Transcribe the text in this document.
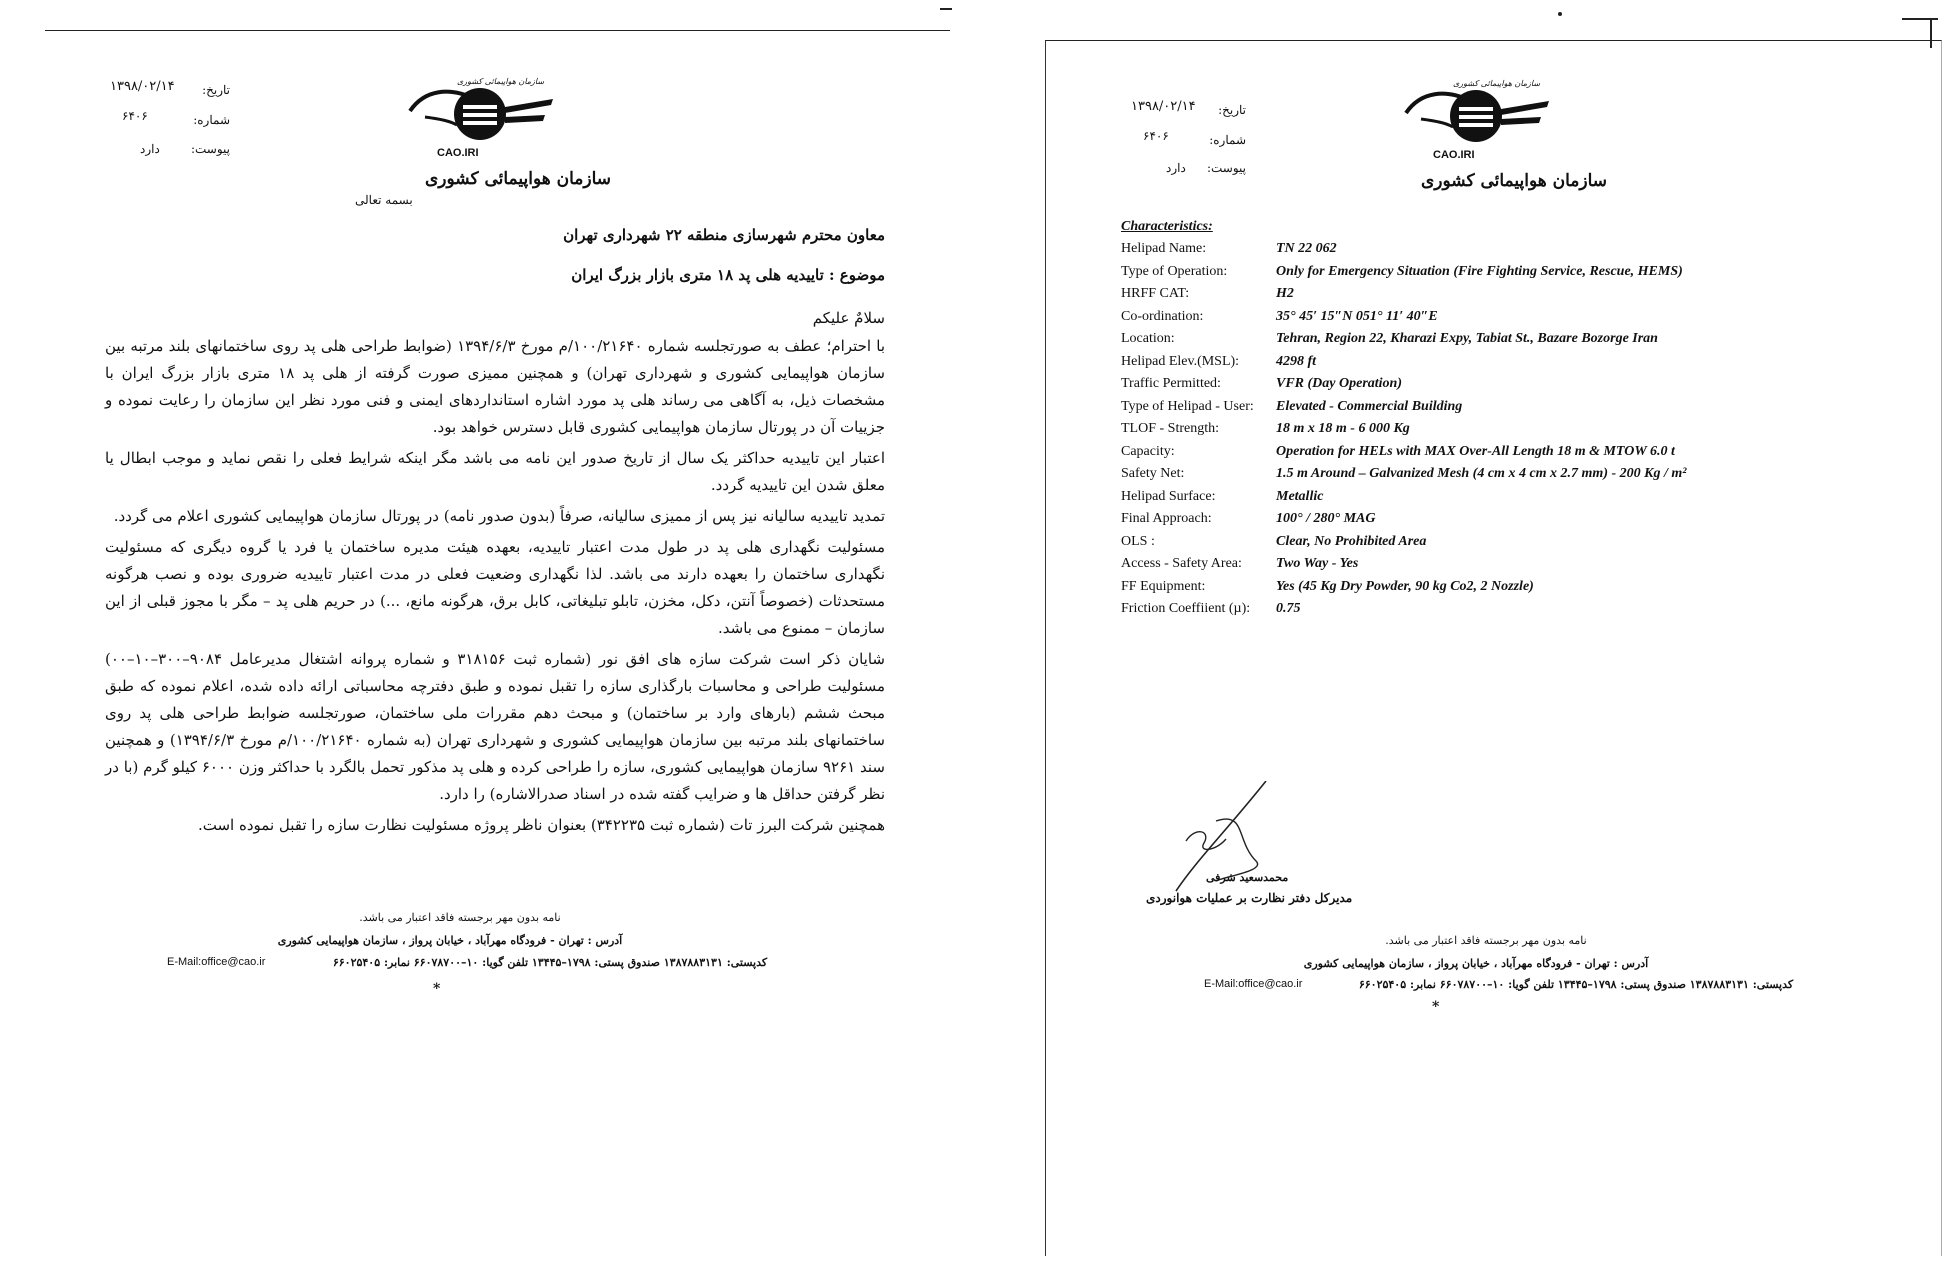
سازمان هواپیمائی کشوری
CAO.IRI
سازمان هواپیمائی کشوری
تاریخ:
۱۳۹۸/۰۲/۱۴
شماره:
۶۴۰۶
پیوست:
دارد
بسمه تعالی
معاون محترم شهرسازی منطقه ۲۲ شهرداری تهران
موضوع : تاییدیه هلی پد ۱۸ متری بازار بزرگ ایران
سلامٌ علیکم

با احترام؛ عطف به صورتجلسه شماره ۱۰۰/۲۱۶۴۰/م مورخ ۱۳۹۴/۶/۳ (ضوابط طراحی هلی پد روی ساختمانهای بلند مرتبه بین سازمان هواپیمایی کشوری و شهرداری تهران) و همچنین ممیزی صورت گرفته از هلی پد ۱۸ متری بازار بزرگ ایران با مشخصات ذیل، به آگاهی می رساند هلی پد مورد اشاره استانداردهای ایمنی و فنی مورد نظر این سازمان را رعایت نموده و جزییات آن در پورتال سازمان هواپیمایی کشوری قابل دسترس خواهد بود.

اعتبار این تاییدیه حداکثر یک سال از تاریخ صدور این نامه می باشد مگر اینکه شرایط فعلی را نقص نماید و موجب ابطال یا معلق شدن این تاییدیه گردد.

تمدید تاییدیه سالیانه نیز پس از ممیزی سالیانه، صرفاً (بدون صدور نامه) در پورتال سازمان هواپیمایی کشوری اعلام می گردد.

مسئولیت نگهداری هلی پد در طول مدت اعتبار تاییدیه، بعهده هیئت مدیره ساختمان یا فرد یا گروه دیگری که مسئولیت نگهداری ساختمان را بعهده دارند می باشد. لذا نگهداری وضعیت فعلی در مدت اعتبار تاییدیه ضروری بوده و نصب هرگونه مستحدثات (خصوصاً آنتن، دکل، مخزن، تابلو تبلیغاتی، کابل برق، هرگونه مانع، ...) در حریم هلی پد – مگر با مجوز قبلی از این سازمان – ممنوع می باشد.

شایان ذکر است شرکت سازه های افق نور (شماره ثبت ۳۱۸۱۵۶ و شماره پروانه اشتغال مدیرعامل ۹۰۸۴–۳۰۰–۱۰–۰۰) مسئولیت طراحی و محاسبات بارگذاری سازه را تقبل نموده و طبق دفترچه محاسباتی ارائه داده شده، اعلام نموده که طبق مبحث ششم (بارهای وارد بر ساختمان) و مبحث دهم مقررات ملی ساختمان، صورتجلسه ضوابط طراحی هلی پد روی ساختمانهای بلند مرتبه بین سازمان هواپیمایی کشوری و شهرداری تهران (به شماره ۱۰۰/۲۱۶۴۰/م مورخ ۱۳۹۴/۶/۳) و همچنین سند ۹۲۶۱ سازمان هواپیمایی کشوری، سازه را طراحی کرده و هلی پد مذکور تحمل بالگرد با حداکثر وزن ۶۰۰۰ کیلو گرم (با در نظر گرفتن حداقل ها و ضرایب گفته شده در اسناد صدرالاشاره) را دارد.

همچنین شرکت البرز تات (شماره ثبت ۳۴۲۲۳۵) بعنوان ناظر پروژه مسئولیت نظارت سازه را تقبل نموده است.

نامه بدون مهر برجسته فاقد اعتبار می باشد.
آدرس : تهران - فرودگاه مهرآباد ، خیابان پرواز ، سازمان هواپیمایی کشوری
کدپستی: ۱۳۸۷۸۸۳۱۳۱ صندوق پستی: ۱۷۹۸–۱۳۴۴۵ تلفن گویا: ۱۰–۶۶۰۷۸۷۰۰ نمابر: ۶۶۰۲۵۴۰۵
E-Mail:office@cao.ir
*
سازمان هواپیمائی کشوری
CAO.IRI
سازمان هواپیمائی کشوری
تاریخ:
۱۳۹۸/۰۲/۱۴
شماره:
۶۴۰۶
پیوست:
دارد
Characteristics:
Helipad Name:	TN 22 062
Type of Operation:	Only for Emergency Situation (Fire Fighting Service, Rescue, HEMS)
HRFF CAT:	H2
Co-ordination:	35° 45′ 15″N 051° 11′ 40″E
Location:	Tehran, Region 22, Kharazi Expy, Tabiat St., Bazare Bozorge Iran
Helipad Elev.(MSL):	4298 ft
Traffic Permitted:	VFR (Day Operation)
Type of Helipad - User:	Elevated - Commercial Building
TLOF - Strength:	18 m x 18 m - 6 000 Kg
Capacity:	Operation for HELs with MAX Over-All Length 18 m & MTOW 6.0 t
Safety Net:	1.5 m Around – Galvanized Mesh (4 cm x 4 cm x 2.7 mm) - 200 Kg / m²
Helipad Surface:	Metallic
Final Approach:	100° / 280° MAG
OLS :	Clear, No Prohibited Area
Access - Safety Area:	Two Way - Yes
FF Equipment:	Yes (45 Kg Dry Powder, 90 kg Co2, 2 Nozzle)
Friction Coeffiient (µ):	0.75
محمدسعید شرفی
مدیرکل دفتر نظارت بر عملیات هوانوردی
نامه بدون مهر برجسته فاقد اعتبار می باشد.
آدرس : تهران - فرودگاه مهرآباد ، خیابان پرواز ، سازمان هواپیمایی کشوری
کدپستی: ۱۳۸۷۸۸۳۱۳۱ صندوق پستی: ۱۷۹۸–۱۳۴۴۵ تلفن گویا: ۱۰–۶۶۰۷۸۷۰۰ نمابر: ۶۶۰۲۵۴۰۵
E-Mail:office@cao.ir
*
